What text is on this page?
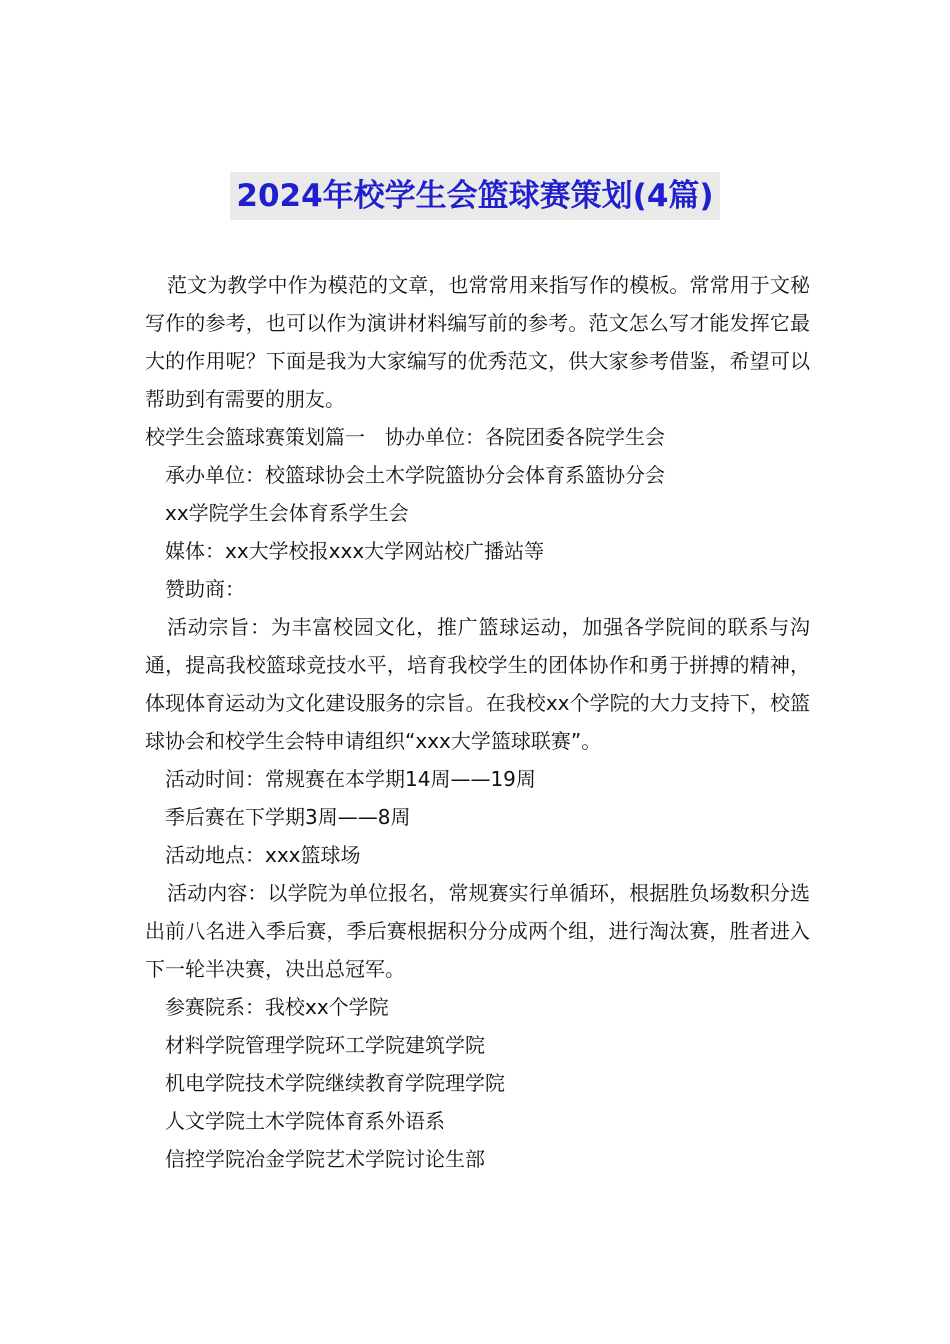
2024年校学生会篮球赛策划(4篇)

范文为教学中作为模范的文章，也常常用来指写作的模板。常常用于文秘写作的参考，也可以作为演讲材料编写前的参考。范文怎么写才能发挥它最大的作用呢？下面是我为大家编写的优秀范文，供大家参考借鉴，希望可以帮助到有需要的朋友。

校学生会篮球赛策划篇一　协办单位：各院团委各院学生会

承办单位：校篮球协会土木学院篮协分会体育系篮协分会

xx学院学生会体育系学生会

媒体：xx大学校报xxx大学网站校广播站等

赞助商：

活动宗旨：为丰富校园文化，推广篮球运动，加强各学院间的联系与沟通，提高我校篮球竞技水平，培育我校学生的团体协作和勇于拼搏的精神，体现体育运动为文化建设服务的宗旨。在我校xx个学院的大力支持下，校篮球协会和校学生会特申请组织“xxx大学篮球联赛”。

活动时间：常规赛在本学期14周——19周

季后赛在下学期3周——8周

活动地点：xxx篮球场

活动内容：以学院为单位报名，常规赛实行单循环，根据胜负场数积分选出前八名进入季后赛，季后赛根据积分分成两个组，进行淘汰赛，胜者进入下一轮半决赛，决出总冠军。

参赛院系：我校xx个学院

材料学院管理学院环工学院建筑学院

机电学院技术学院继续教育学院理学院

人文学院土木学院体育系外语系

信控学院冶金学院艺术学院讨论生部
